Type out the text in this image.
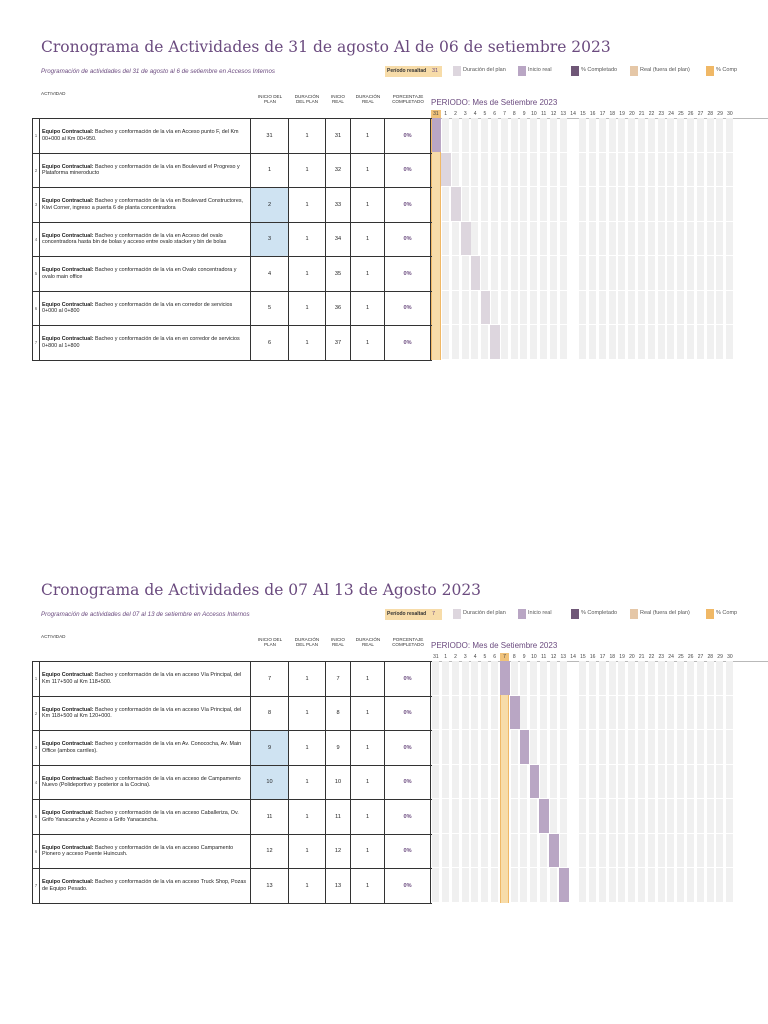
Cronograma de Actividades de 31 de agosto Al de 06 de setiembre 2023
Programación de actividades del 31 de agosto al 6 de setiembre en Accesos Internos	Período resaltad	31	Duración del plan	Inicio real	% Completado	Real (fuera del plan)	% Comp
ACTIVIDAD
INICIO DEL PLAN
DURACIÓN DEL PLAN
INICIO REAL
DURACIÓN REAL
PORCENTAJE COMPLETADO PERIODO: Mes de Setiembre 2023
31	1	2	3	4	5	6	7	8	9	10 11 12 13 14 15 16 17 18 19 20 21 22 23 24 25 26 27 28 29 30
1
Equipo Contractual: Bacheo y conformación de la vía en Acceso punto F, del Km 00+000 al Km 00+950.	31	1	31	1	0%
2
Equipo Contractual: Bacheo y conformación de la vía en Boulevard el Progreso y Plataforma mineroducto	1	1	32	1	0%
3
Equipo Contractual: Bacheo y conformación de la vía en Boulevard Constructores, Kiwi Corner, ingreso a puerta 6 de planta concentradora	2	1	33	1	0%
4
Equipo Contractual: Bacheo y conformación de la vía en Acceso del ovalo concentradora hasta bin de bolas y acceso entre ovalo stacker y bin de bolas	3	1	34	1	0%
5
Equipo Contractual: Bacheo y conformación de la vía en Ovalo concentradora y ovalo main office	4	1	35	1	0%
6
Equipo Contractual: Bacheo y conformación de la vía en corredor de servicios 0+000 al 0+800	5	1	36	1	0%
7
Equipo Contractual: Bacheo y conformación de la vía en en corredor de servicios 0+800 al 1+800	6	1	37	1	0%
Cronograma de Actividades de 07 Al 13 de Agosto 2023
Programación de actividades del 07 al 13 de setiembre en Accesos Internos	Período resaltad	7	Duración del plan	Inicio real	% Completado	Real (fuera del plan)	% Comp
ACTIVIDAD
INICIO DEL PLAN
DURACIÓN DEL PLAN
INICIO REAL
DURACIÓN REAL
PORCENTAJE COMPLETADO PERIODO: Mes de Setiembre 2023
31	1	2	3	4	5	6	7	8	9	10 11 12 13 14 15 16 17 18 19 20 21 22 23 24 25 26 27 28 29 30
1
Equipo Contractual: Bacheo y conformación de la vía en acceso Vía Principal, del Km 117+500 al Km 118+500.	7	1	7	1	0%
2
Equipo Contractual: Bacheo y conformación de la vía en acceso Vía Principal, del Km 118+500 al Km 120+000.	8	1	8	1	0%
3
Equipo Contractual: Bacheo y conformación de la vía en Av. Conococha, Av. Main Office (ambos carriles).	9	1	9	1	0%
4
Equipo Contractual: Bacheo y conformación de la vía en acceso de Campamento Nuevo (Polideportivo y posterior a la Cocina).	10	1	10	1	0%
5
Equipo Contractual: Bacheo y conformación de la vía en acceso Caballeriza, Ov. Grifo Yanacancha y Acceso a Grifo Yanacancha.	11	1	11	1	0%
6
Equipo Contractual: Bacheo y conformación de la vía en acceso Campamento Pionero y acceso Puente Huincush.	12	1	12	1	0%
7
Equipo Contractual: Bacheo y conformación de la vía en acceso Truck Shop, Pozas de Equipo Pesado.	13	1	13	1	0%
